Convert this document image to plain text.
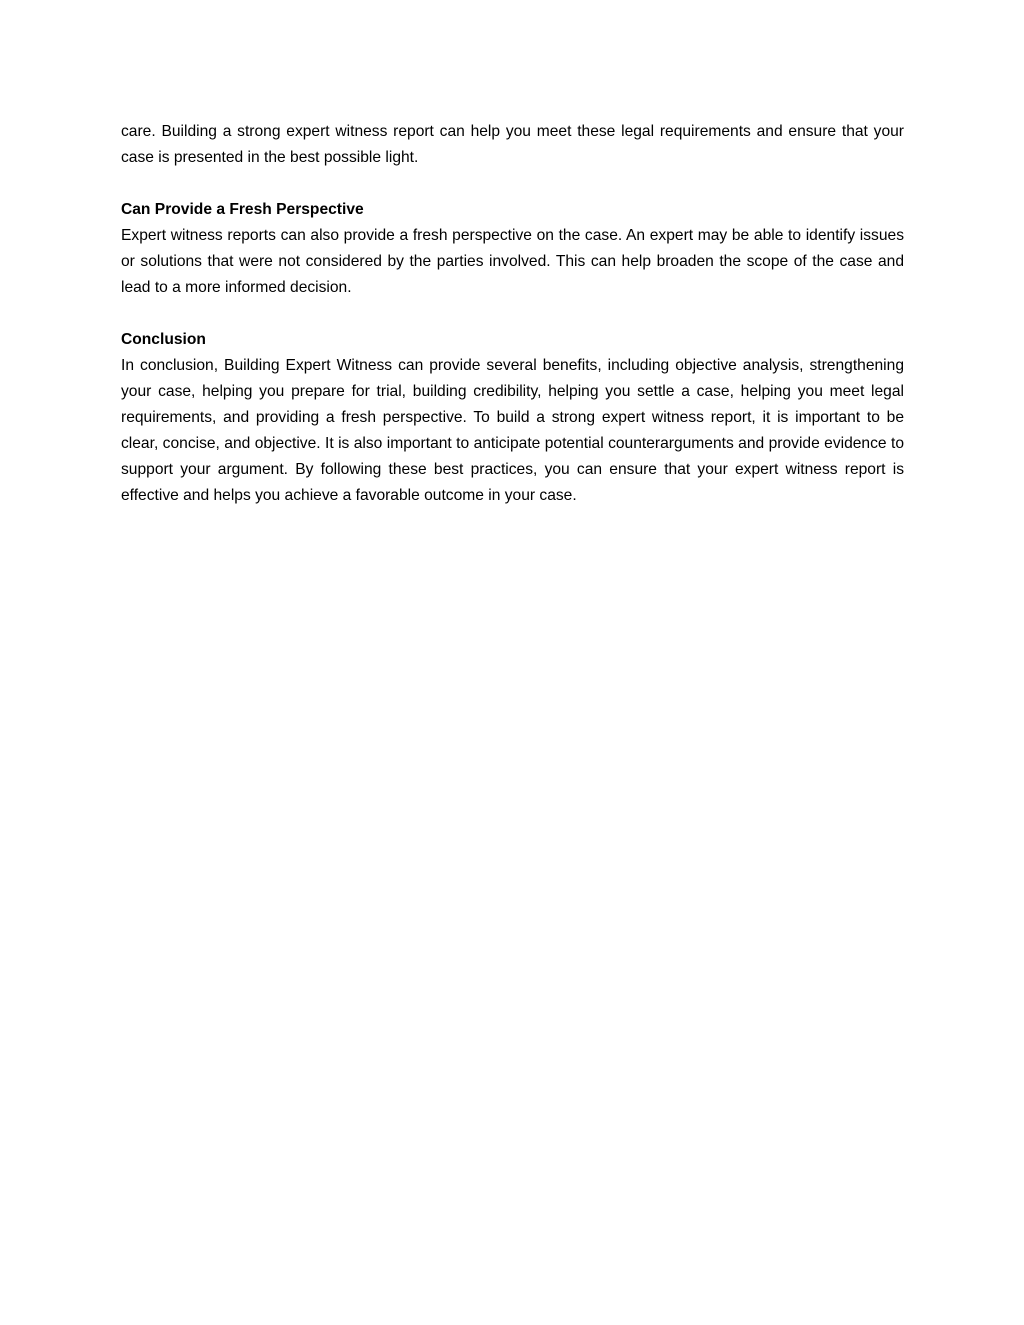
care. Building a strong expert witness report can help you meet these legal requirements and ensure that your case is presented in the best possible light.

Can Provide a Fresh Perspective

Expert witness reports can also provide a fresh perspective on the case. An expert may be able to identify issues or solutions that were not considered by the parties involved. This can help broaden the scope of the case and lead to a more informed decision.

Conclusion

In conclusion, Building Expert Witness can provide several benefits, including objective analysis, strengthening your case, helping you prepare for trial, building credibility, helping you settle a case, helping you meet legal requirements, and providing a fresh perspective. To build a strong expert witness report, it is important to be clear, concise, and objective. It is also important to anticipate potential counterarguments and provide evidence to support your argument. By following these best practices, you can ensure that your expert witness report is effective and helps you achieve a favorable outcome in your case.
